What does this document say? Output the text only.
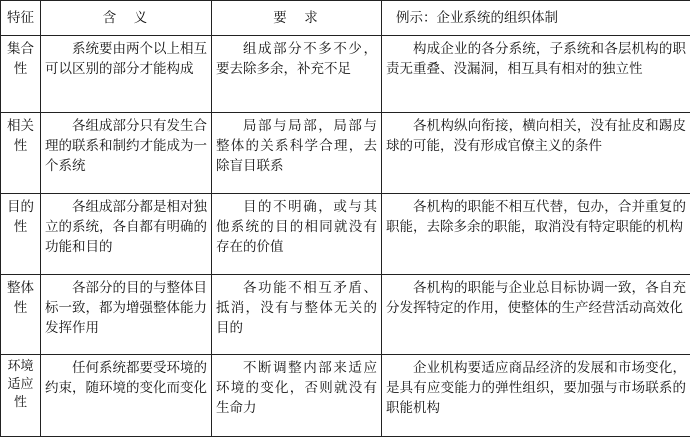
特征	含　义	要　求	例示：企业系统的组织体制
集合性	系统要由两个以上相互可以区别的部分才能构成	组成部分不多不少，要去除多余，补充不足	构成企业的各分系统，子系统和各层机构的职责无重叠、没漏洞，相互具有相对的独立性
相关性	各组成部分只有发生合理的联系和制约才能成为一个系统	局部与局部，局部与整体的关系科学合理，去除盲目联系	各机构纵向衔接，横向相关，没有扯皮和踢皮球的可能，没有形成官僚主义的条件
目的性	各组成部分都是相对独立的系统，各自都有明确的功能和目的	目的不明确，或与其他系统的目的相同就没有存在的价值	各机构的职能不相互代替，包办，合并重复的职能，去除多余的职能，取消没有特定职能的机构
整体性	各部分的目的与整体目标一致，都为增强整体能力发挥作用	各功能不相互矛盾、抵消，没有与整体无关的目的	各机构的职能与企业总目标协调一致，各自充分发挥特定的作用，使整体的生产经营活动高效化
环境适应性	任何系统都要受环境的约束，随环境的变化而变化	不断调整内部来适应环境的变化，否则就没有生命力	企业机构要适应商品经济的发展和市场变化，是具有应变能力的弹性组织，要加强与市场联系的职能机构
